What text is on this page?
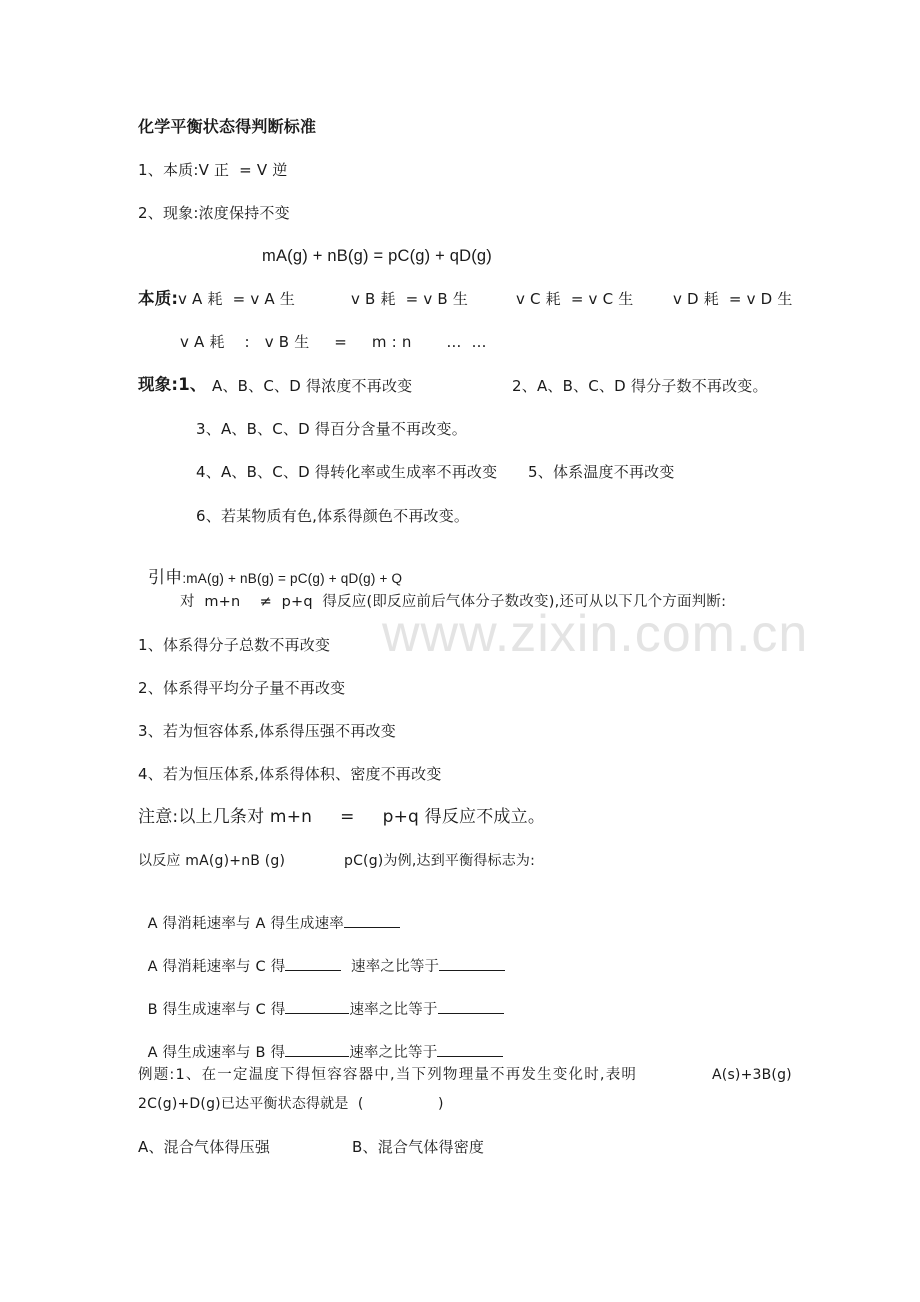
www.zixin.com.cn
化学平衡状态得判断标准
1、本质:V 正  = V 逆
2、现象:浓度保持不变
mA(g) + nB(g) = pC(g) + qD(g)
本质: v A 耗  = v A 生	v B 耗  = v B 生	v C 耗  = v C 生	v D 耗  = v D 生
v A 耗    :   v B 生     =     m : n       …  …
现象:1、 A、B、C、D 得浓度不再改变	2、A、B、C、D 得分子数不再改变。
3、A、B、C、D 得百分含量不再改变。
4、A、B、C、D 得转化率或生成率不再改变 5、体系温度不再改变
6、若某物质有色,体系得颜色不再改变。

引申:mA(g) + nB(g) = pC(g) + qD(g) + Q

对  m+n    ≠  p+q  得反应(即反应前后气体分子数改变),还可从以下几个方面判断:
1、体系得分子总数不再改变
2、体系得平均分子量不再改变
3、若为恒容体系,体系得压强不再改变
4、若为恒压体系,体系得体积、密度不再改变
注意:以上几条对 m+n     =     p+q 得反应不成立。
以反应 mA(g)+nB (g)	pC(g)为例,达到平衡得标志为:

A 得消耗速率与 A 得生成速率

A 得消耗速率与 C 得	速率之比等于

B 得生成速率与 C 得	速率之比等于

A 得生成速率与 B 得	速率之比等于

例题:1、在一定温度下得恒容容器中,当下列物理量不再发生变化时,表明	A(s)+3B(g)
2C(g)+D(g)已达平衡状态得就是  (                )
A、混合气体得压强	B、混合气体得密度
